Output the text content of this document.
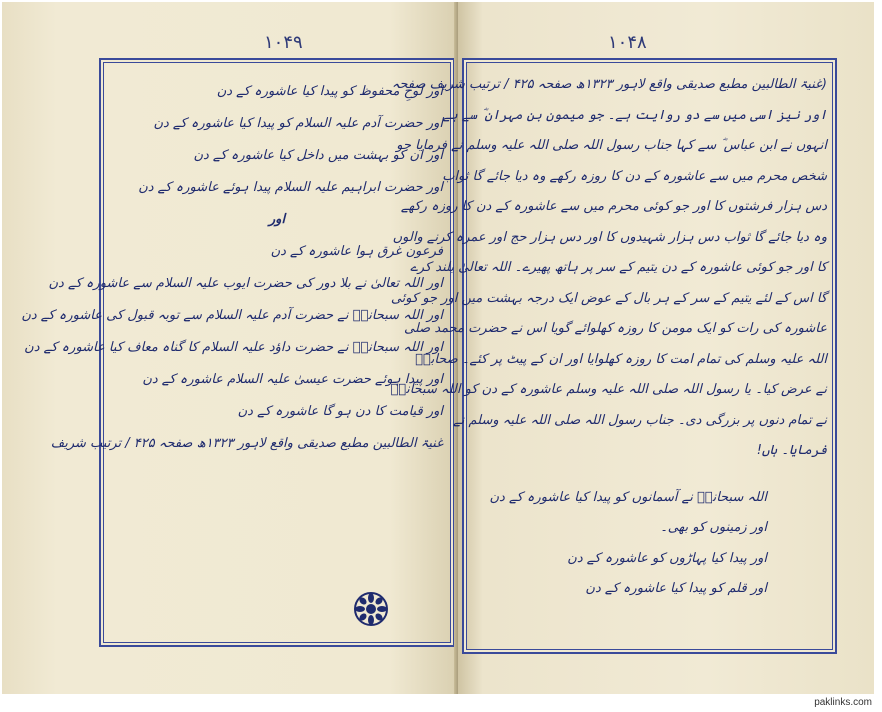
۱۰۴۹
اور لوحِ محفوظ کو پیدا کیا عاشورہ کے دن
اور حضرت آدم علیہ السلام کو پیدا کیا عاشورہ کے دن
اور ان کو بہشت میں داخل کیا عاشورہ کے دن
اور حضرت ابراہیم علیہ السلام پیدا ہوئے عاشورہ کے دن
اور
فرعون غرق ہوا عاشورہ کے دن
اور اللہ تعالیٰ نے بلا دور کی حضرت ایوب علیہ السلام سے عاشورہ کے دن
اور اللہ سبحانہٗ نے حضرت آدم علیہ السلام سے توبہ قبول کی عاشورہ کے دن
اور اللہ سبحانہٗ نے حضرت داؤد علیہ السلام کا گناہ معاف کیا عاشورہ کے دن
اور پیدا ہوئے حضرت عیسیٰ علیہ السلام عاشورہ کے دن
اور قیامت کا دن ہو گا عاشورہ کے دن
غنیۃ الطالبین مطبع صدیقی واقع لاہور ۱۳۲۳ھ صفحہ ۴۲۵ / ترتیب شریف
۱۰۴۸
(غنیۃ الطالبین مطبع صدیقی واقع لاہور ۱۳۲۳ھ صفحہ ۴۲۵ / ترتیب شریف صفحہ
اور نیز اسی میں سے دو روایت ہے۔ جو میمون بن مہران ؓ سے ہے
انہوں نے ابن عباس ؓ سے کہا جناب رسول اللہ صلی اللہ علیہ وسلم نے فرمایا جو
شخص محرم میں سے عاشورہ کے دن کا روزہ رکھے وہ دیا جائے گا ثواب
دس ہزار فرشتوں کا اور جو کوئی محرم میں سے عاشورہ کے دن کا روزہ رکھے
وہ دیا جائے گا ثواب دس ہزار شہیدوں کا اور دس ہزار حج اور عمرہ کرنے والوں
کا اور جو کوئی عاشورہ کے دن یتیم کے سر پر ہاتھ پھیرے۔ اللہ تعالیٰ بلند کرے
گا اس کے لئے یتیم کے سر کے ہر بال کے عوض ایک درجہ بہشت میں اور جو کوئی
عاشورہ کی رات کو ایک مومن کا روزہ کھلوائے گویا اس نے حضرت محمد صلی
اللہ علیہ وسلم کی تمام امت کا روزہ کھلوایا اور ان کے پیٹ پر کئے۔ صحابہؓ
نے عرض کیا۔ یا رسول اللہ صلی اللہ علیہ وسلم عاشورہ کے دن کو اللہ سبحانہٗ
نے تمام دنوں پر بزرگی دی۔ جناب رسول اللہ صلی اللہ علیہ وسلم نے
فرمایا۔ ہاں!
اللہ سبحانہٗ نے آسمانوں کو پیدا کیا عاشورہ کے دن
اور زمینوں کو بھی۔
اور پیدا کیا پہاڑوں کو عاشورہ کے دن
اور قلم کو پیدا کیا عاشورہ کے دن
paklinks.com
